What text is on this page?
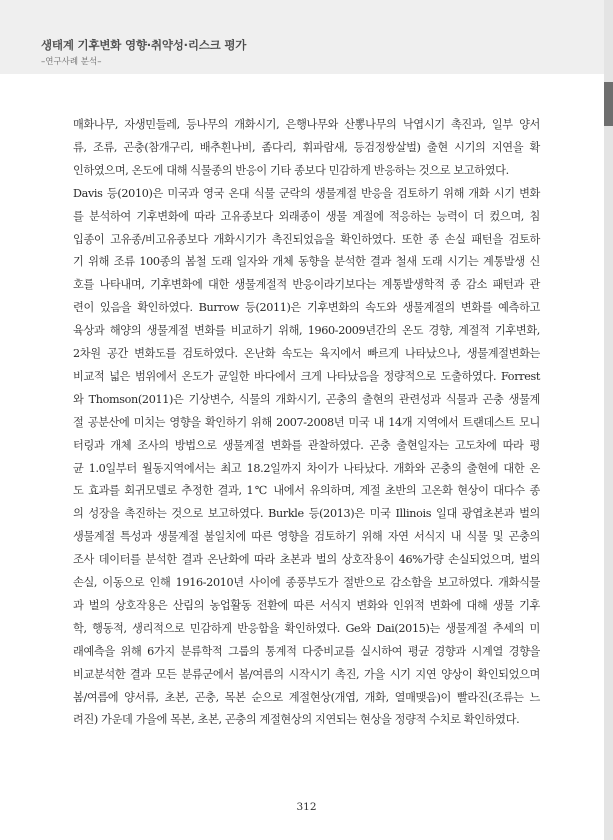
생태계 기후변화 영향·취약성·리스크 평가
–연구사례 분석–
매화나무, 자생민들레, 등나무의 개화시기, 은행나무와 산뽕나무의 낙엽시기 촉진과, 일부 양서
류, 조류, 곤충(참개구리, 배추흰나비, 좀다리, 휘파람새, 등검정쌍살벌) 출현 시기의 지연을 확
인하였으며, 온도에 대해 식물종의 반응이 기타 종보다 민감하게 반응하는 것으로 보고하였다.
Davis 등(2010)은 미국과 영국 온대 식물 군락의 생물계절 반응을 검토하기 위해 개화 시기 변화
를 분석하여 기후변화에 따라 고유종보다 외래종이 생물 계절에 적응하는 능력이 더 컸으며, 침
입종이 고유종/비고유종보다 개화시기가 촉진되었음을 확인하였다. 또한 종 손실 패턴을 검토하
기 위해 조류 100종의 봄철 도래 일자와 개체 동향을 분석한 결과 철새 도래 시기는 계통발생 신
호를 나타내며, 기후변화에 대한 생물계절적 반응이라기보다는 계통발생학적 종 감소 패턴과 관
련이 있음을 확인하였다. Burrow 등(2011)은 기후변화의 속도와 생물계절의 변화를 예측하고
육상과 해양의 생물계절 변화를 비교하기 위해, 1960-2009년간의 온도 경향, 계절적 기후변화,
2차원 공간 변화도를 검토하였다. 온난화 속도는 육지에서 빠르게 나타났으나, 생물계절변화는
비교적 넓은 범위에서 온도가 균일한 바다에서 크게 나타났음을 정량적으로 도출하였다. Forrest
와 Thomson(2011)은 기상변수, 식물의 개화시기, 곤충의 출현의 관련성과 식물과 곤충 생물계
절 공분산에 미치는 영향을 확인하기 위해 2007-2008년 미국 내 14개 지역에서 트랜데스트 모니
터링과 개체 조사의 방법으로 생물계절 변화를 관찰하였다. 곤충 출현일자는 고도차에 따라 평
균 1.0일부터 월동지역에서는 최고 18.2일까지 차이가 나타났다. 개화와 곤충의 출현에 대한 온
도 효과를 회귀모델로 추정한 결과, 1℃ 내에서 유의하며, 계절 초반의 고온화 현상이 대다수 종
의 성장을 촉진하는 것으로 보고하였다. Burkle 등(2013)은 미국 Illinois 일대 광엽초본과 벌의
생물계절 특성과 생물계절 불일치에 따른 영향을 검토하기 위해 자연 서식지 내 식물 및 곤충의
조사 데이터를 분석한 결과 온난화에 따라 초본과 벌의 상호작용이 46%가량 손실되었으며, 벌의
손실, 이동으로 인해 1916-2010년 사이에 종풍부도가 절반으로 감소함을 보고하였다. 개화식물
과 벌의 상호작용은 산림의 농업활동 전환에 따른 서식지 변화와 인위적 변화에 대해 생물 기후
학, 행동적, 생리적으로 민감하게 반응함을 확인하였다. Ge와 Dai(2015)는 생물계절 추세의 미
래예측을 위해 6가지 분류학적 그룹의 통계적 다중비교를 실시하여 평균 경향과 시계열 경향을
비교분석한 결과 모든 분류군에서 봄/여름의 시작시기 촉진, 가을 시기 지연 양상이 확인되었으며
봄/여름에 양서류, 초본, 곤충, 목본 순으로 계절현상(개엽, 개화, 열매맺음)이 빨라진(조류는 느
려진) 가운데 가을에 목본, 초본, 곤충의 계절현상의 지연되는 현상을 정량적 수치로 확인하였다.
312
